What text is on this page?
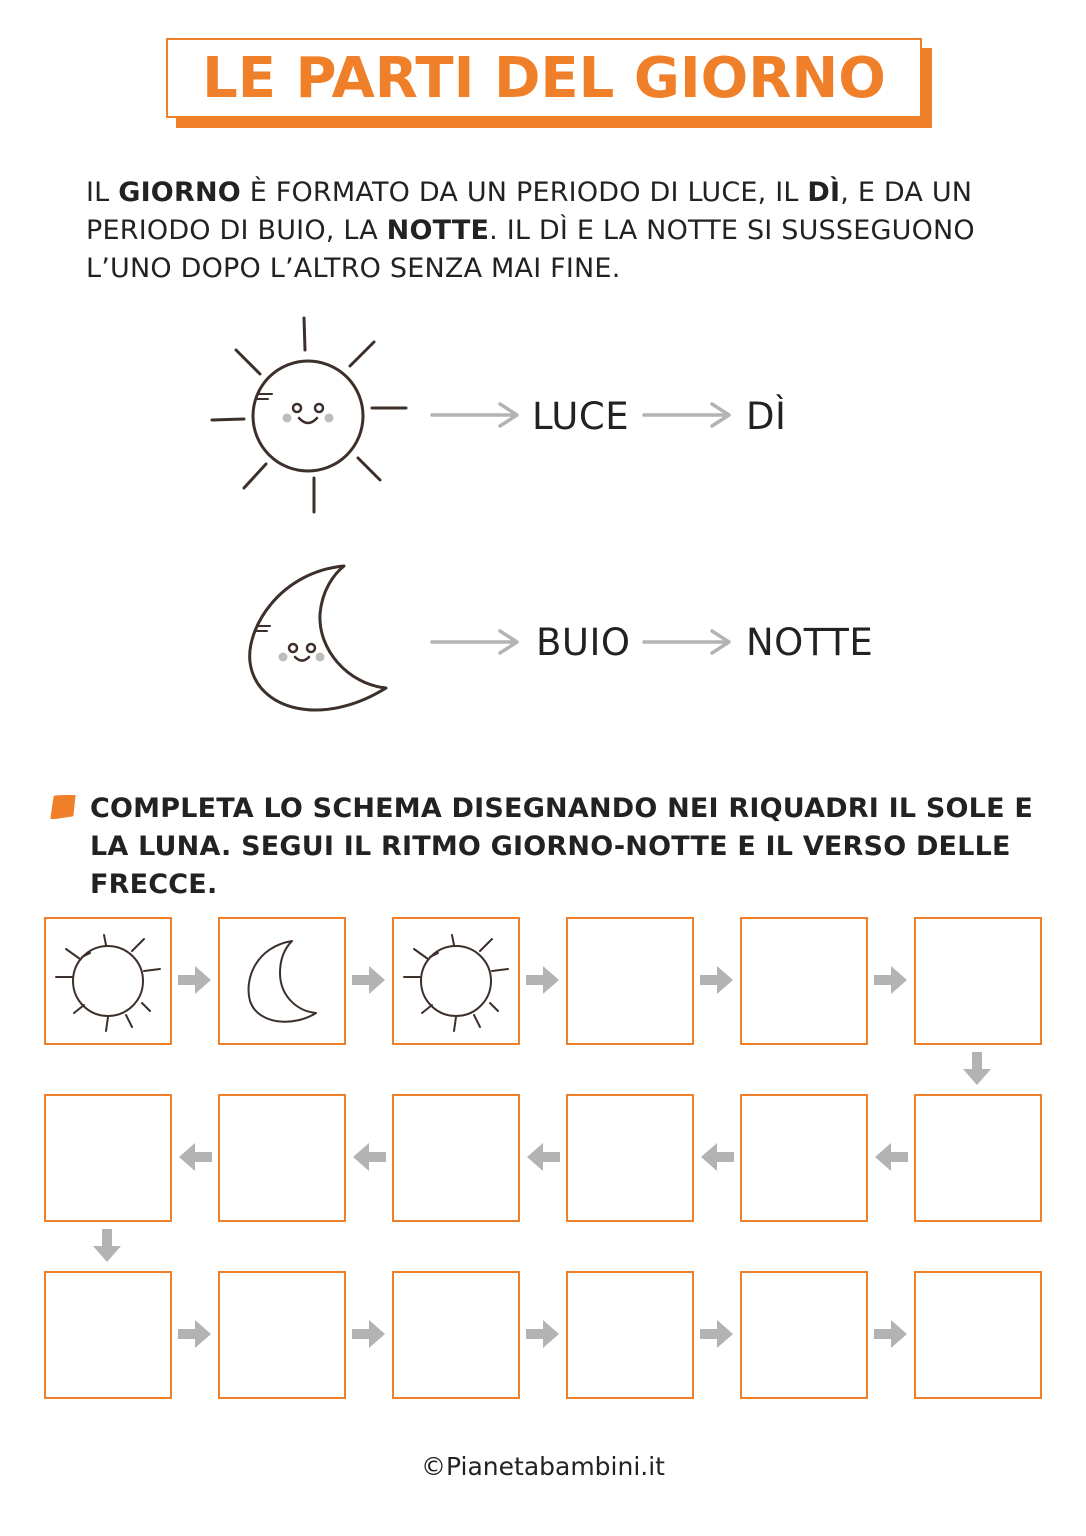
LE PARTI DEL GIORNO
IL GIORNO È FORMATO DA UN PERIODO DI LUCE, IL DÌ, E DA UN PERIODO DI BUIO, LA NOTTE. IL DÌ E LA NOTTE SI SUSSEGUONO L’UNO DOPO L’ALTRO SENZA MAI FINE.
LUCE	DÌ
BUIO	NOTTE
COMPLETA LO SCHEMA DISEGNANDO NEI RIQUADRI IL SOLE E LA LUNA. SEGUI IL RITMO GIORNO-NOTTE E IL VERSO DELLE FRECCE.
©Pianetabambini.it
